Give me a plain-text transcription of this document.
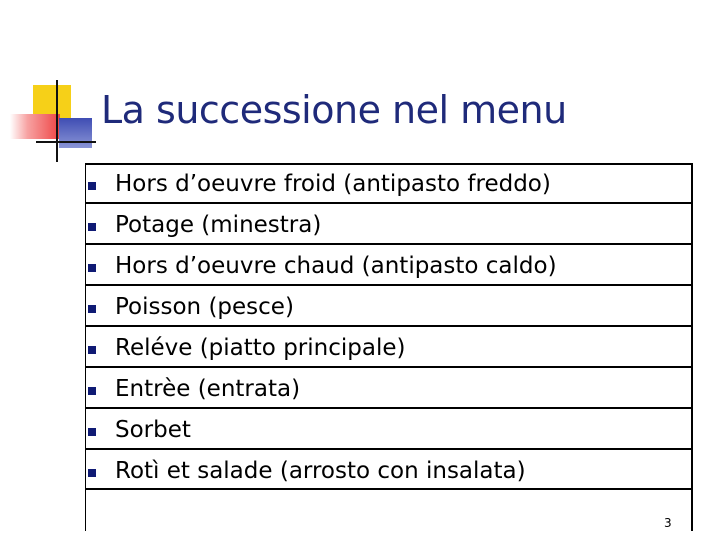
La successione nel menu
Hors d’oeuvre froid (antipasto freddo)
Potage (minestra)
Hors d’oeuvre chaud (antipasto caldo)
Poisson (pesce)
Reléve (piatto principale)
Entrèe (entrata)
Sorbet
Rotì et salade (arrosto con insalata)
3
